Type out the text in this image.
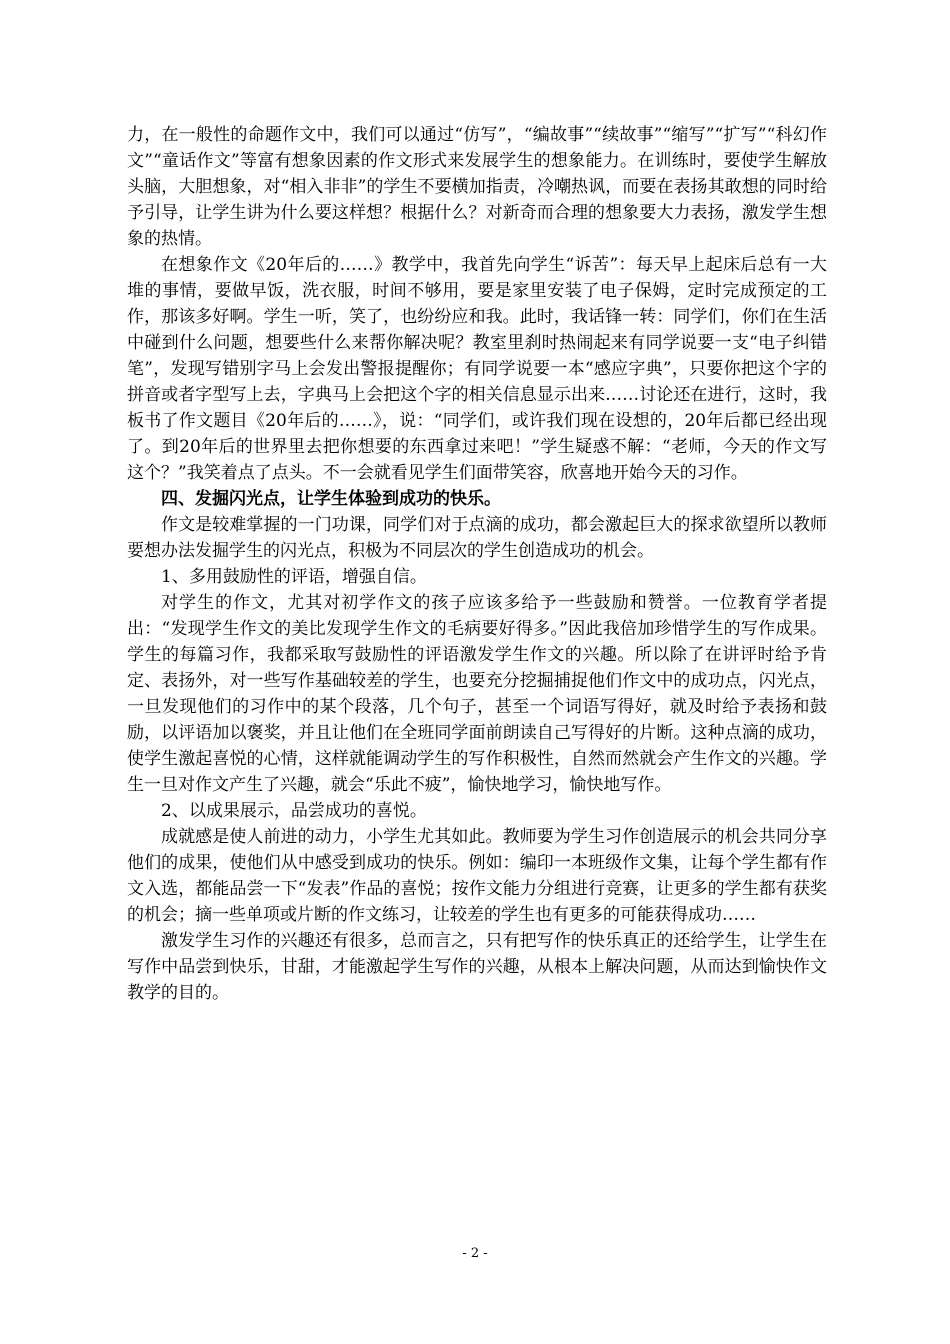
力，在一般性的命题作文中，我们可以通过“仿写”，“编故事”“续故事”“缩写”“扩写”“科幻作文”“童话作文”等富有想象因素的作文形式来发展学生的想象能力。在训练时，要使学生解放头脑，大胆想象，对“相入非非”的学生不要横加指责，冷嘲热讽，而要在表扬其敢想的同时给予引导，让学生讲为什么要这样想？根据什么？对新奇而合理的想象要大力表扬，激发学生想象的热情。

在想象作文《20年后的……》教学中，我首先向学生“诉苦”：每天早上起床后总有一大堆的事情，要做早饭，洗衣服，时间不够用，要是家里安装了电子保姆，定时完成预定的工作，那该多好啊。学生一听，笑了，也纷纷应和我。此时，我话锋一转：同学们，你们在生活中碰到什么问题，想要些什么来帮你解决呢？教室里刹时热闹起来有同学说要一支“电子纠错笔”，发现写错别字马上会发出警报提醒你；有同学说要一本“感应字典”，只要你把这个字的拼音或者字型写上去，字典马上会把这个字的相关信息显示出来……讨论还在进行，这时，我板书了作文题目《20年后的……》，说：“同学们，或许我们现在设想的，20年后都已经出现了。到20年后的世界里去把你想要的东西拿过来吧！”学生疑惑不解：“老师，今天的作文写这个？”我笑着点了点头。不一会就看见学生们面带笑容，欣喜地开始今天的习作。

四、发掘闪光点，让学生体验到成功的快乐。

作文是较难掌握的一门功课，同学们对于点滴的成功，都会激起巨大的探求欲望所以教师要想办法发掘学生的闪光点，积极为不同层次的学生创造成功的机会。

1、多用鼓励性的评语，增强自信。

对学生的作文，尤其对初学作文的孩子应该多给予一些鼓励和赞誉。一位教育学者提出：“发现学生作文的美比发现学生作文的毛病要好得多。”因此我倍加珍惜学生的写作成果。学生的每篇习作，我都采取写鼓励性的评语激发学生作文的兴趣。所以除了在讲评时给予肯定、表扬外，对一些写作基础较差的学生，也要充分挖掘捕捉他们作文中的成功点，闪光点，一旦发现他们的习作中的某个段落，几个句子，甚至一个词语写得好，就及时给予表扬和鼓励，以评语加以褒奖，并且让他们在全班同学面前朗读自己写得好的片断。这种点滴的成功，使学生激起喜悦的心情，这样就能调动学生的写作积极性，自然而然就会产生作文的兴趣。学生一旦对作文产生了兴趣，就会“乐此不疲”，愉快地学习，愉快地写作。

2、以成果展示，品尝成功的喜悦。

成就感是使人前进的动力，小学生尤其如此。教师要为学生习作创造展示的机会共同分享他们的成果，使他们从中感受到成功的快乐。例如：编印一本班级作文集，让每个学生都有作文入选，都能品尝一下“发表”作品的喜悦；按作文能力分组进行竞赛，让更多的学生都有获奖的机会；摘一些单项或片断的作文练习，让较差的学生也有更多的可能获得成功……

激发学生习作的兴趣还有很多，总而言之，只有把写作的快乐真正的还给学生，让学生在写作中品尝到快乐，甘甜，才能激起学生写作的兴趣，从根本上解决问题，从而达到愉快作文教学的目的。

- 2 -
